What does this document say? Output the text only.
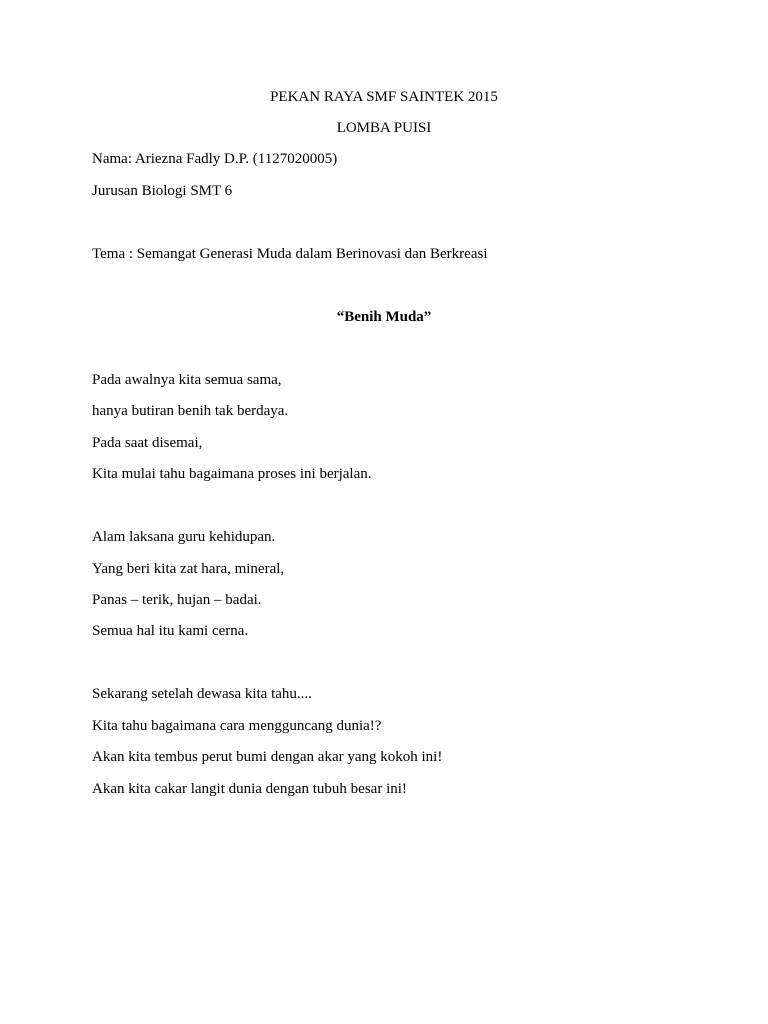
PEKAN RAYA SMF SAINTEK 2015
LOMBA PUISI
Nama: Ariezna Fadly D.P. (1127020005)
Jurusan Biologi SMT 6
Tema : Semangat Generasi Muda dalam Berinovasi dan Berkreasi
“Benih Muda”
Pada awalnya kita semua sama,
hanya butiran benih tak berdaya.
Pada saat disemai,
Kita mulai tahu bagaimana proses ini berjalan.
Alam laksana guru kehidupan.
Yang beri kita zat hara, mineral,
Panas – terik, hujan – badai.
Semua hal itu kami cerna.
Sekarang setelah dewasa kita tahu....
Kita tahu bagaimana cara mengguncang dunia!?
Akan kita tembus perut bumi dengan akar yang kokoh ini!
Akan kita cakar langit dunia dengan tubuh besar ini!
